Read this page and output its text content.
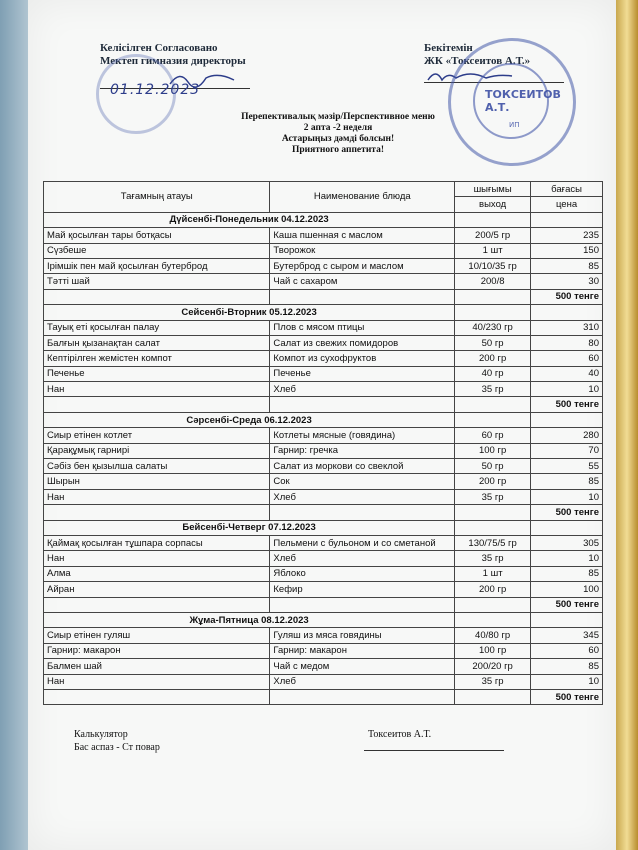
Келісілген Согласовано
Мектеп гимназия директоры
01.12.2023
Бекітемін
ЖК «Токсеитов А.Т.»
ТОКСЕИТОВ А.Т.
ИП
Перепективалық мәзір/Перспективное меню
2 апта -2 неделя
Астарыңыз дәмді болсын!
Приятного аппетита!
Тағамның атауы	Наименование блюда	шығымы	бағасы
		выход	цена
Дүйсенбі-Понедельник 04.12.2023			
Май қосылған тары ботқасы	Каша пшенная с маслом	200/5 гр	235
Сүзбеше	Творожок	1 шт	150
Ірімшік пен май қосылған бутерброд	Бутерброд с сыром и маслом	10/10/35 гр	85
Тәтті шай	Чай с сахаром	200/8	30
			500 тенге
Сейсенбі-Вторник 05.12.2023			
Тауық еті қосылған палау	Плов с мясом птицы	40/230 гр	310
Балғын қызанақтан салат	Салат из свежих помидоров	50 гр	80
Кептірілген жемістен компот	Компот из сухофруктов	200 гр	60
Печенье	Печенье	40 гр	40
Нан	Хлеб	35 гр	10
			500 тенге
Сәрсенбі-Среда 06.12.2023			
Сиыр етінен котлет	Котлеты мясные (говядина)	60 гр	280
Қарақұмық гарнирі	Гарнир: гречка	100 гр	70
Сәбіз бен қызылша салаты	Салат из моркови со свеклой	50 гр	55
Шырын	Сок	200 гр	85
Нан	Хлеб	35 гр	10
			500 тенге
Бейсенбі-Четверг 07.12.2023			
Қаймақ қосылған тұшпара сорпасы	Пельмени с бульоном и со сметаной	130/75/5 гр	305
Нан	Хлеб	35 гр	10
Алма	Яблоко	1 шт	85
Айран	Кефир	200 гр	100
			500 тенге
Жұма-Пятница 08.12.2023			
Сиыр етінен гуляш	Гуляш из мяса говядины	40/80 гр	345
Гарнир: макарон	Гарнир: макарон	100 гр	60
Балмен шай	Чай с медом	200/20 гр	85
Нан	Хлеб	35 гр	10
			500 тенге
Калькулятор
Бас аспаз - Ст повар
Токсеитов А.Т.
